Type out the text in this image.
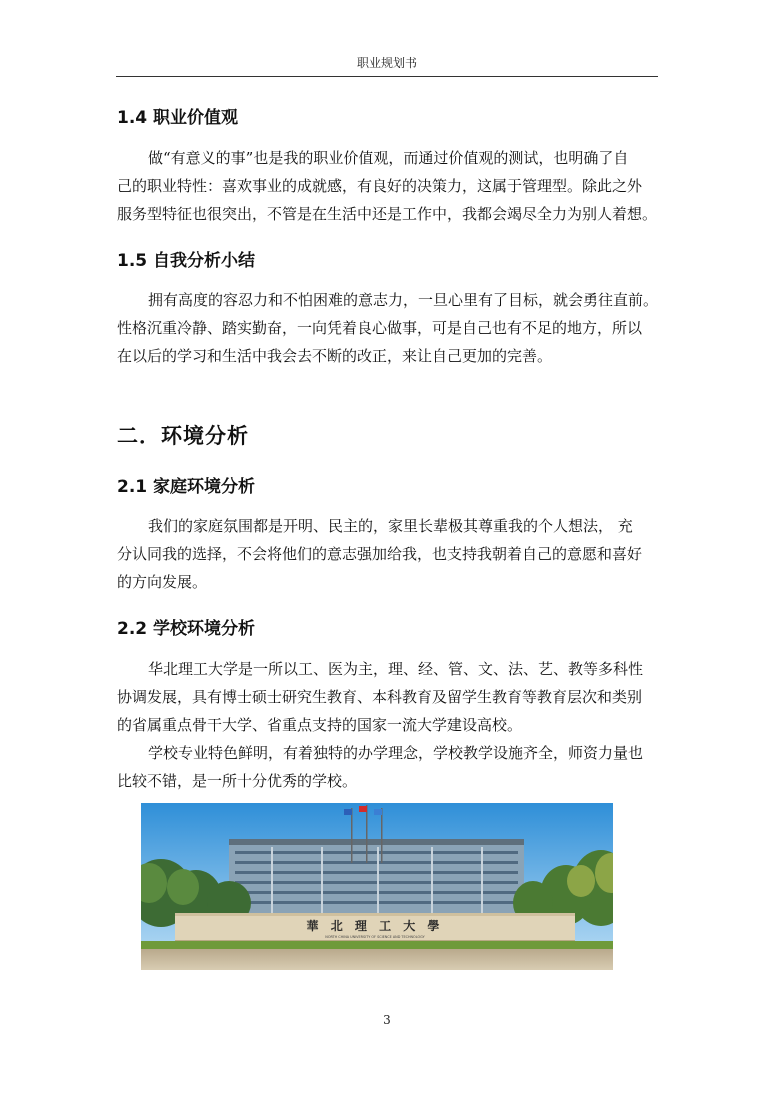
职业规划书
1.4 职业价值观
做“有意义的事”也是我的职业价值观，而通过价值观的测试，也明确了自
己的职业特性：喜欢事业的成就感，有良好的决策力，这属于管理型。除此之外
服务型特征也很突出，不管是在生活中还是工作中，我都会竭尽全力为别人着想。
1.5 自我分析小结
拥有高度的容忍力和不怕困难的意志力，一旦心里有了目标，就会勇往直前。
性格沉重冷静、踏实勤奋，一向凭着良心做事，可是自己也有不足的地方，所以
在以后的学习和生活中我会去不断的改正，来让自己更加的完善。
二．环境分析
2.1 家庭环境分析
我们的家庭氛围都是开明、民主的，家里长辈极其尊重我的个人想法， 充
分认同我的选择，不会将他们的意志强加给我，也支持我朝着自己的意愿和喜好
的方向发展。
2.2 学校环境分析
华北理工大学是一所以工、医为主，理、经、管、文、法、艺、教等多科性
协调发展，具有博士硕士研究生教育、本科教育及留学生教育等教育层次和类别
的省属重点骨干大学、省重点支持的国家一流大学建设高校。
学校专业特色鲜明，有着独特的办学理念，学校教学设施齐全，师资力量也
比较不错，是一所十分优秀的学校。
華 北 理 工 大 學
NORTH CHINA UNIVERSITY OF SCIENCE AND TECHNOLOGY
3
